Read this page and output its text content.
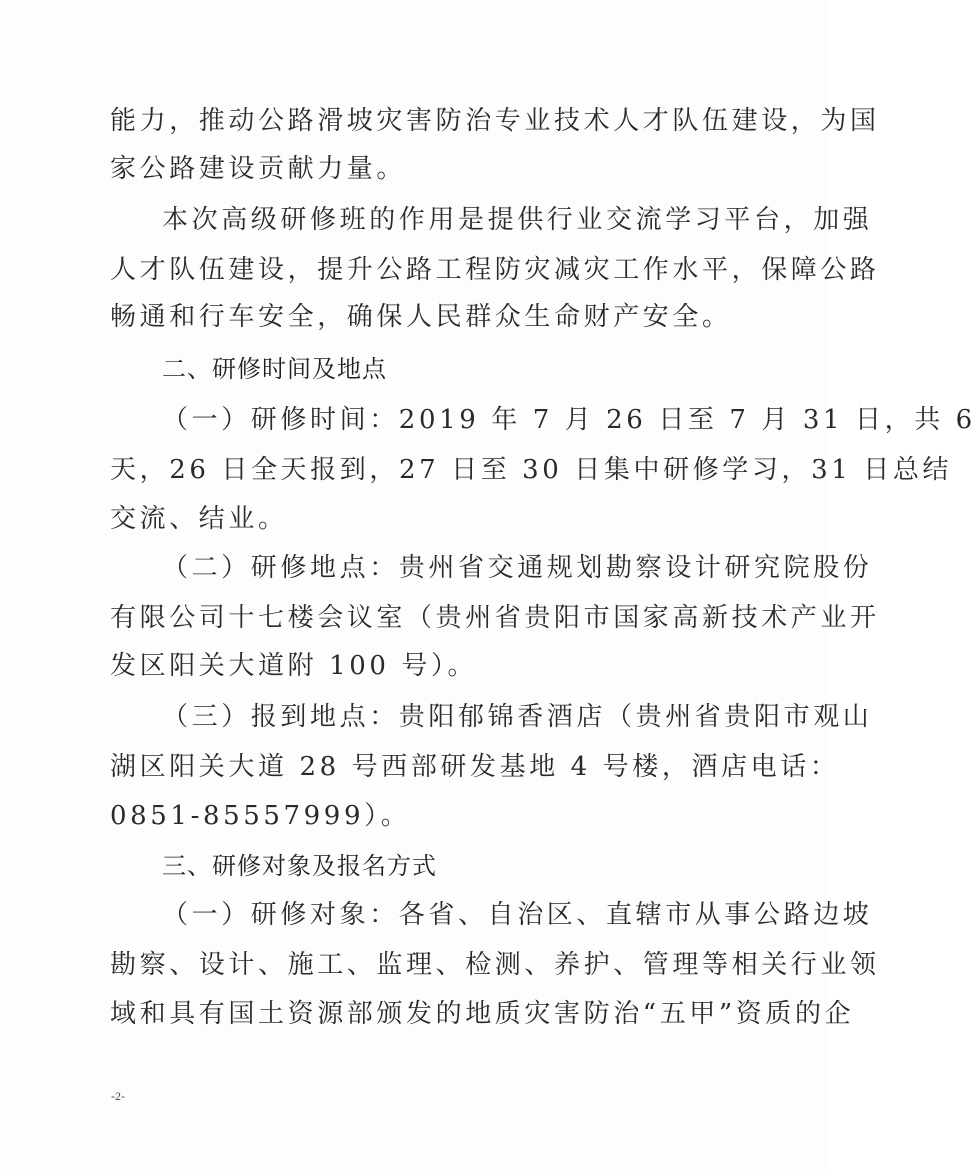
能力，推动公路滑坡灾害防治专业技术人才队伍建设，为国
家公路建设贡献力量。
本次高级研修班的作用是提供行业交流学习平台，加强
人才队伍建设，提升公路工程防灾减灾工作水平，保障公路
畅通和行车安全，确保人民群众生命财产安全。
二、研修时间及地点
（一）研修时间：2019 年 7 月 26 日至 7 月 31 日，共 6
天，26 日全天报到，27 日至 30 日集中研修学习，31 日总结
交流、结业。
（二）研修地点：贵州省交通规划勘察设计研究院股份
有限公司十七楼会议室（贵州省贵阳市国家高新技术产业开
发区阳关大道附 100 号）。
（三）报到地点：贵阳郁锦香酒店（贵州省贵阳市观山
湖区阳关大道 28 号西部研发基地 4 号楼，酒店电话：
0851-85557999）。
三、研修对象及报名方式
（一）研修对象：各省、自治区、直辖市从事公路边坡
勘察、设计、施工、监理、检测、养护、管理等相关行业领
域和具有国土资源部颁发的地质灾害防治“五甲”资质的企
-2-
